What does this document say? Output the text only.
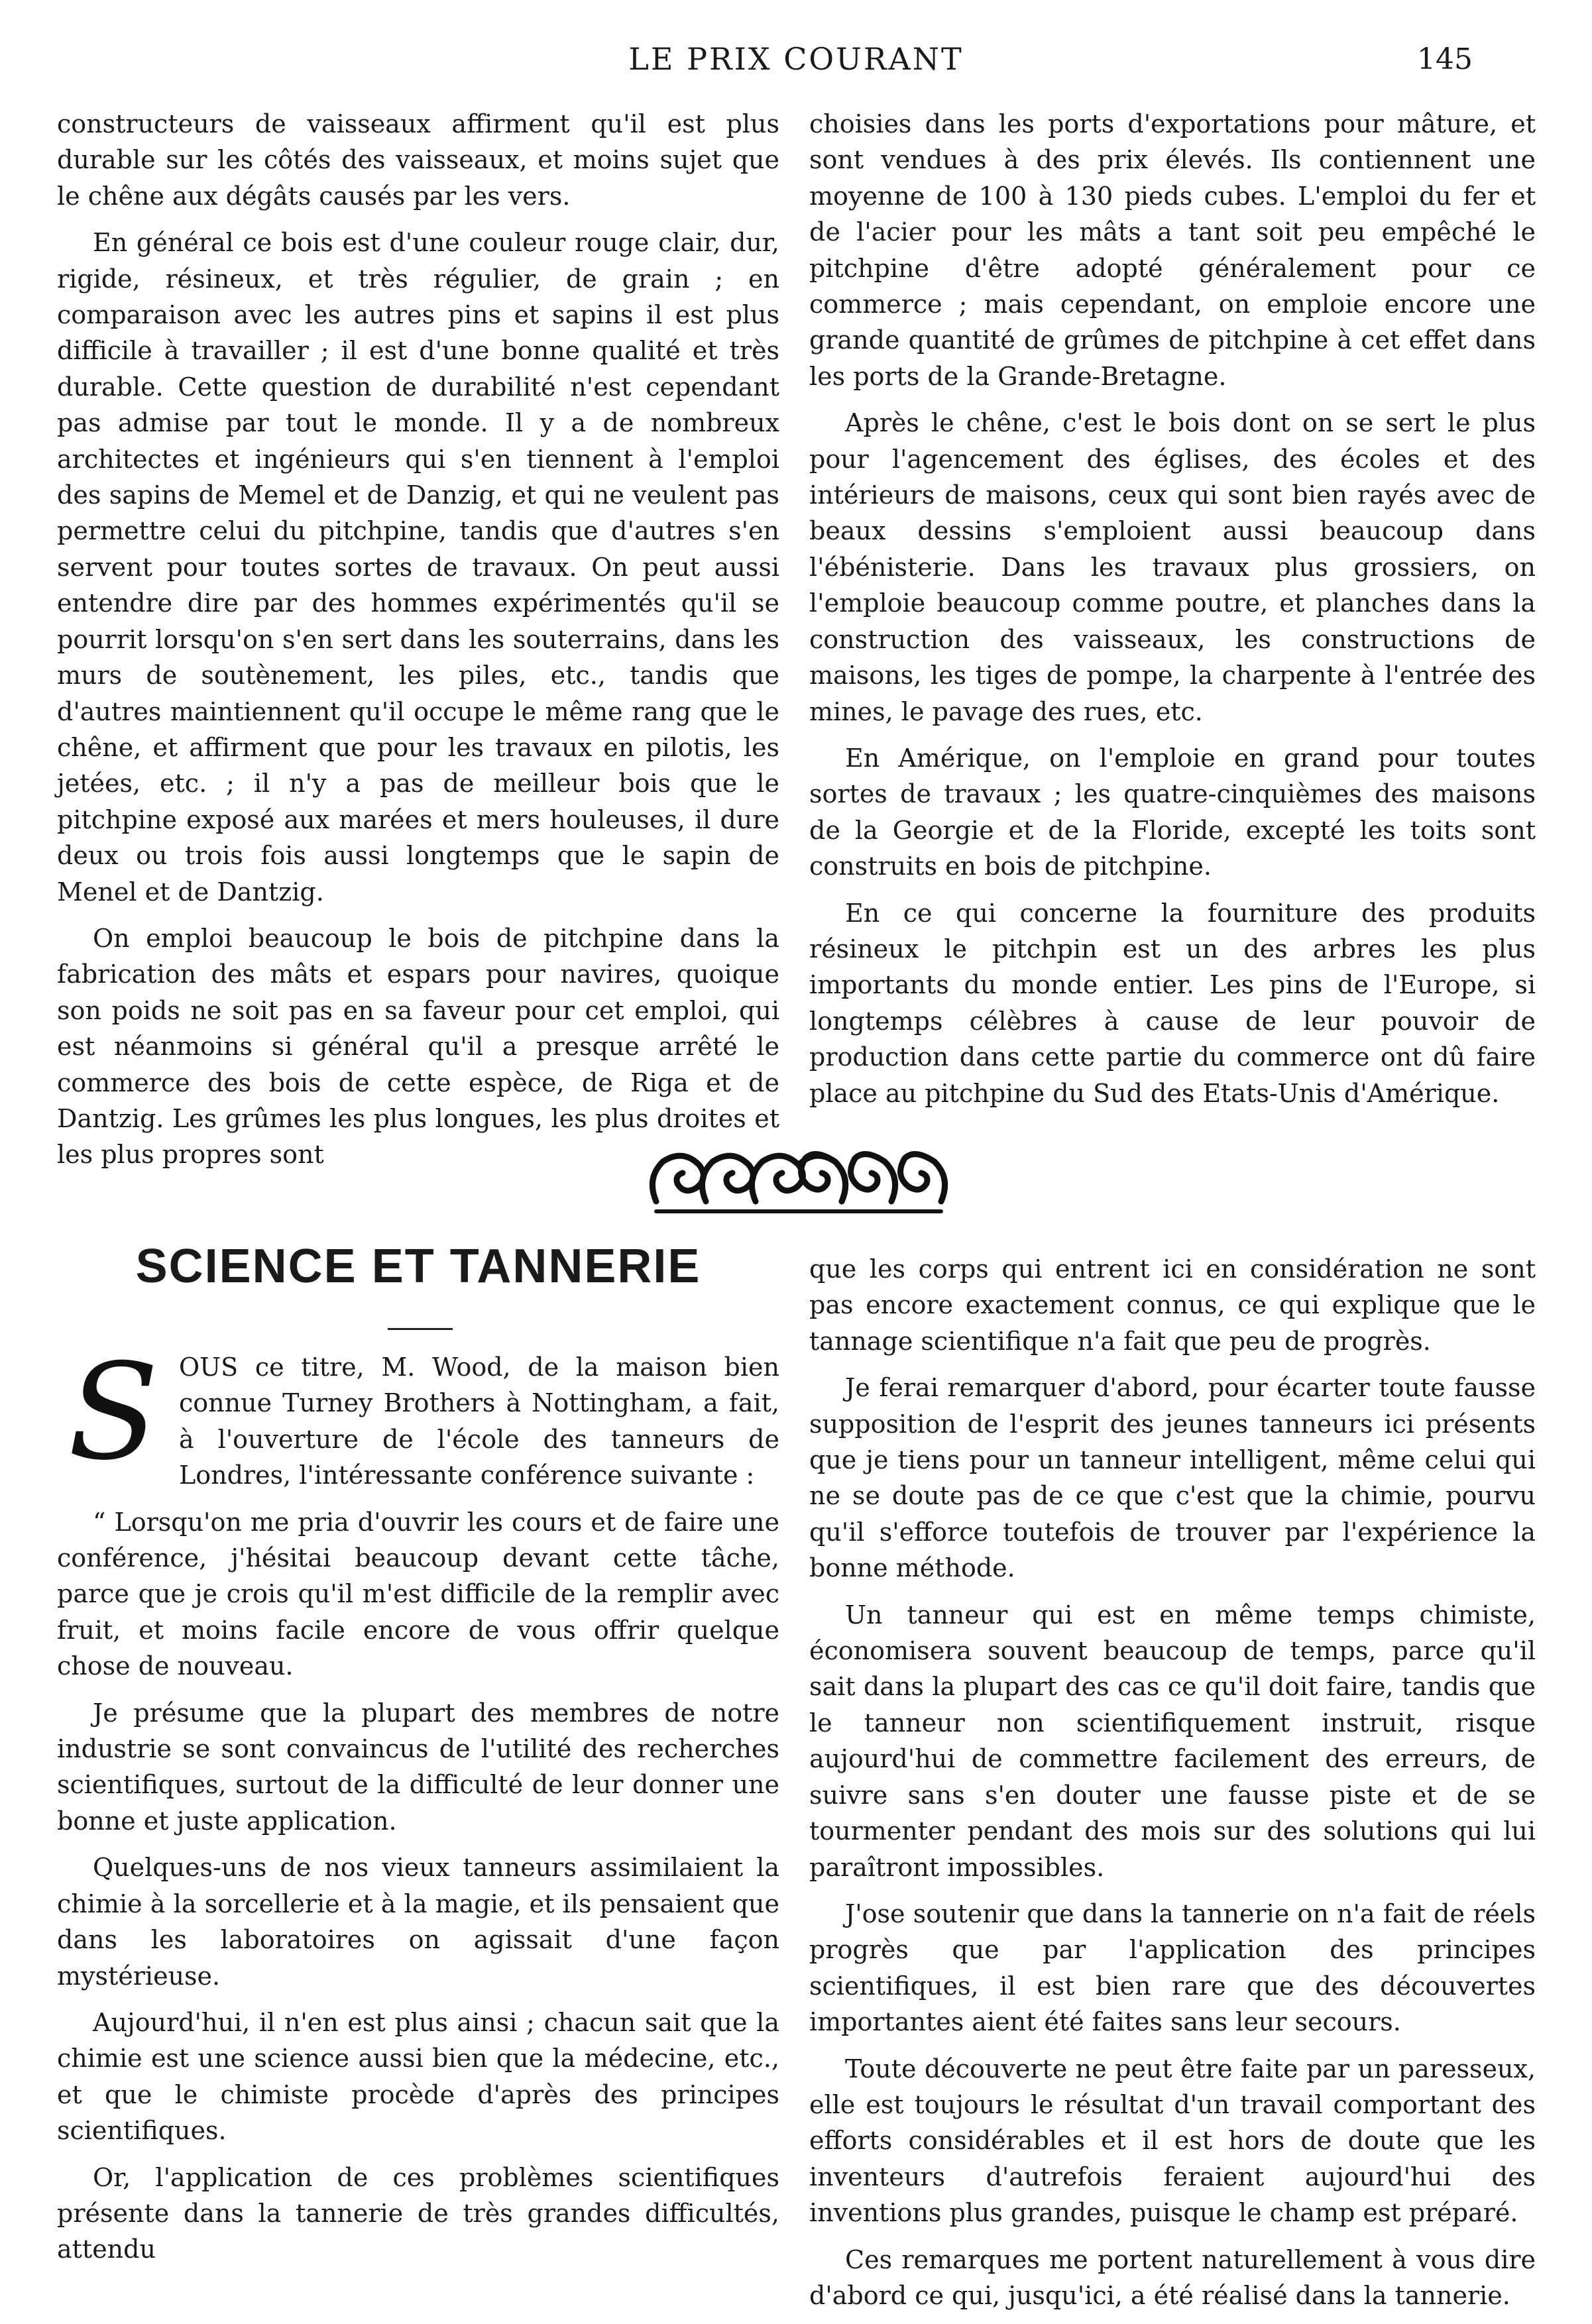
LE PRIX COURANT	145

constructeurs de vaisseaux affirment qu'il est plus durable sur les côtés des vaisseaux, et moins sujet que le chêne aux dégâts causés par les vers.

En général ce bois est d'une couleur rouge clair, dur, rigide, résineux, et très régulier, de grain ; en comparaison avec les autres pins et sapins il est plus difficile à travailler ; il est d'une bonne qualité et très durable. Cette question de durabilité n'est cependant pas admise par tout le monde. Il y a de nombreux architectes et ingénieurs qui s'en tiennent à l'emploi des sapins de Memel et de Danzig, et qui ne veulent pas permettre celui du pitchpine, tandis que d'autres s'en servent pour toutes sortes de travaux. On peut aussi entendre dire par des hommes expérimentés qu'il se pourrit lorsqu'on s'en sert dans les souterrains, dans les murs de soutènement, les piles, etc., tandis que d'autres maintiennent qu'il occupe le même rang que le chêne, et affirment que pour les travaux en pilotis, les jetées, etc. ; il n'y a pas de meilleur bois que le pitchpine exposé aux marées et mers houleuses, il dure deux ou trois fois aussi longtemps que le sapin de Menel et de Dantzig.

On emploi beaucoup le bois de pitchpine dans la fabrication des mâts et espars pour navires, quoique son poids ne soit pas en sa faveur pour cet emploi, qui est néanmoins si général qu'il a presque arrêté le commerce des bois de cette espèce, de Riga et de Dantzig. Les grûmes les plus longues, les plus droites et les plus propres sont

choisies dans les ports d'exportations pour mâture, et sont vendues à des prix élevés. Ils contiennent une moyenne de 100 à 130 pieds cubes. L'emploi du fer et de l'acier pour les mâts a tant soit peu empêché le pitchpine d'être adopté généralement pour ce commerce ; mais cependant, on emploie encore une grande quantité de grûmes de pitchpine à cet effet dans les ports de la Grande-Bretagne.

Après le chêne, c'est le bois dont on se sert le plus pour l'agencement des églises, des écoles et des intérieurs de maisons, ceux qui sont bien rayés avec de beaux dessins s'emploient aussi beaucoup dans l'ébénisterie. Dans les travaux plus grossiers, on l'emploie beaucoup comme poutre, et planches dans la construction des vaisseaux, les constructions de maisons, les tiges de pompe, la charpente à l'entrée des mines, le pavage des rues, etc.

En Amérique, on l'emploie en grand pour toutes sortes de travaux ; les quatre-cinquièmes des maisons de la Georgie et de la Floride, excepté les toits sont construits en bois de pitchpine.

En ce qui concerne la fourniture des produits résineux le pitchpin est un des arbres les plus importants du monde entier. Les pins de l'Europe, si longtemps célèbres à cause de leur pouvoir de production dans cette partie du commerce ont dû faire place au pitchpine du Sud des Etats-Unis d'Amérique.

SCIENCE ET TANNERIE
S OUS ce titre, M. Wood, de la maison bien connue Turney Brothers à Nottingham, a fait, à l'ouverture de l'école des tanneurs de Londres, l'intéressante conférence suivante :

“ Lorsqu'on me pria d'ouvrir les cours et de faire une conférence, j'hésitai beaucoup devant cette tâche, parce que je crois qu'il m'est difficile de la remplir avec fruit, et moins facile encore de vous offrir quelque chose de nouveau.

Je présume que la plupart des membres de notre industrie se sont convaincus de l'utilité des recherches scientifiques, surtout de la difficulté de leur donner une bonne et juste application.

Quelques-uns de nos vieux tanneurs assimilaient la chimie à la sorcellerie et à la magie, et ils pensaient que dans les laboratoires on agissait d'une façon mystérieuse.

Aujourd'hui, il n'en est plus ainsi ; chacun sait que la chimie est une science aussi bien que la médecine, etc., et que le chimiste procède d'après des principes scientifiques.

Or, l'application de ces problèmes scientifiques présente dans la tannerie de très grandes difficultés, attendu

que les corps qui entrent ici en considération ne sont pas encore exactement connus, ce qui explique que le tannage scientifique n'a fait que peu de progrès.

Je ferai remarquer d'abord, pour écarter toute fausse supposition de l'esprit des jeunes tanneurs ici présents que je tiens pour un tanneur intelligent, même celui qui ne se doute pas de ce que c'est que la chimie, pourvu qu'il s'efforce toutefois de trouver par l'expérience la bonne méthode.

Un tanneur qui est en même temps chimiste, économisera souvent beaucoup de temps, parce qu'il sait dans la plupart des cas ce qu'il doit faire, tandis que le tanneur non scientifiquement instruit, risque aujourd'hui de commettre facilement des erreurs, de suivre sans s'en douter une fausse piste et de se tourmenter pendant des mois sur des solutions qui lui paraîtront impossibles.

J'ose soutenir que dans la tannerie on n'a fait de réels progrès que par l'application des principes scientifiques, il est bien rare que des découvertes importantes aient été faites sans leur secours.

Toute découverte ne peut être faite par un paresseux, elle est toujours le résultat d'un travail comportant des efforts considérables et il est hors de doute que les inventeurs d'autrefois feraient aujourd'hui des inventions plus grandes, puisque le champ est préparé.

Ces remarques me portent naturellement à vous dire d'abord ce qui, jusqu'ici, a été réalisé dans la tannerie.
